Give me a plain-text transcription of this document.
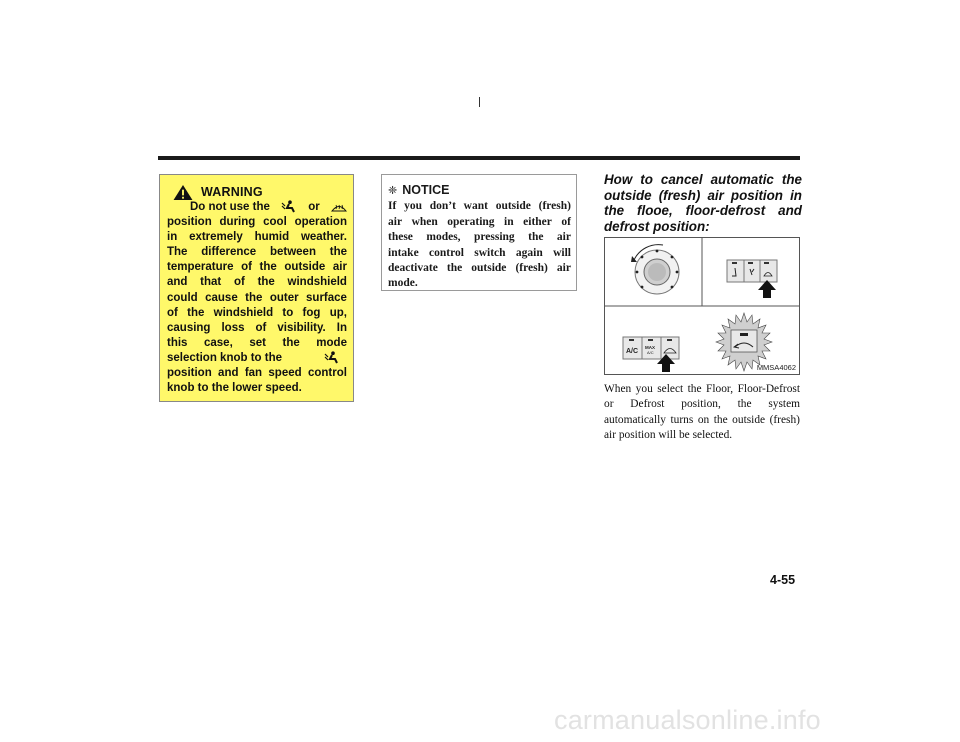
WARNING
Do not use the	or
position during cool operation
in extremely humid weather.
The difference between the
temperature of the outside air
and that of the windshield
could cause the outer surface
of the windshield to fog up,
causing loss of visibility. In
this case, set the mode
selection knob to the
position and fan speed control
knob to the lower speed.
❈ NOTICE
If you don’t want outside (fresh)
air when operating in either of
these modes, pressing the air
intake control switch again will
deactivate the outside (fresh) air
mode.
How to cancel automatic the
outside (fresh) air position in
the flooe, floor-defrost and
defrost position:
A/C
MAX
A/C
MMSA4062
When you select the Floor, Floor-Defrost
or Defrost position, the system
automatically turns on the outside (fresh)
air position will be selected.
4-55
carmanualsonline.info
